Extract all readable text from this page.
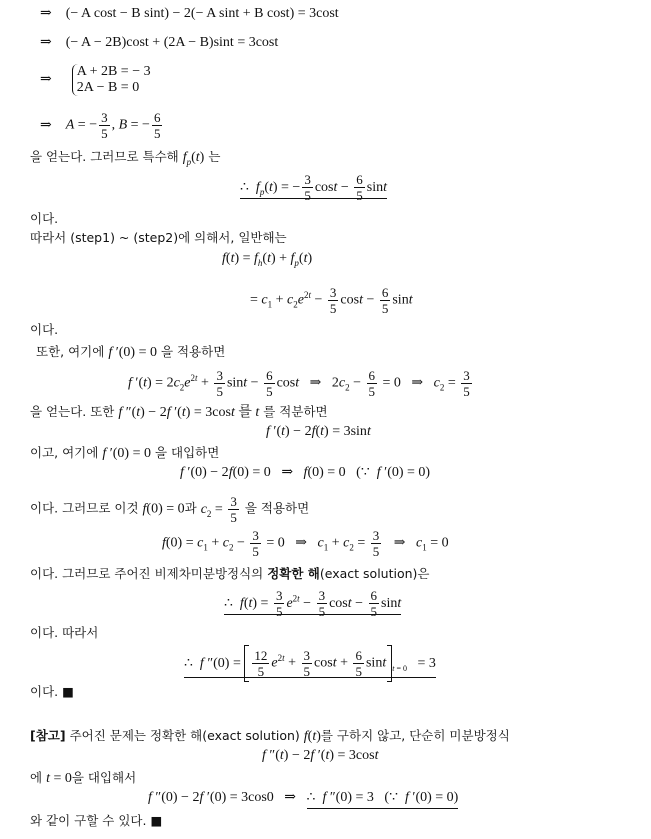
⇒ (− A cost − B sint) − 2(− A sint + B cost) = 3cost
⇒ (− A − 2B)cost + (2A − B)sint = 3cost
⇒
A + 2B = − 3
2A − B = 0
⇒ A = − $\frac{3}{5}$ , B = − $\frac{6}{5}$
을 얻는다. 그러므로 특수해 $f_p(t)$ 는
∴ $f_p(t)$ = − $\frac{3}{5}$ $\cos t - \frac{6}{5}$ sint
이다.
따라서 (step1) ~ (step2)에 의해서, 일반해는
$f(t) = f_h(t) + f_p(t)$
= $c_1 + c_2e^{2t} - \frac{3}{5}$ $\cos t - \frac{6}{5}$ sint
이다.
또한, 여기에 f ′(0) = 0 을 적용하면
f $'(t) = 2c_2e^{2t} + \frac{3}{5}$ $\sin t - \frac{6}{5}$ cost ⇒   $2c_2 - \frac{6}{5} = 0$   ⇒ $c_2 = \frac{3}{5}$
을 얻는다. 또한 f ″(t) − 2f ′(t) = 3cost 를 t 를 적분하면
f ′(t) − 2f(t) = 3sint
이고, 여기에 f ′(0) = 0 을 대입하면
f ′(0) − 2f(0) = 0   ⇒ f(0) = 0   (∵ f ′(0) = 0)
이다. 그러므로 이것 f(0) = 0과 $c_2 = \frac{3}{5}$ 을 적용하면
$f(0) = c_1 + c_2 - \frac{3}{5} = 0$   ⇒ $c_1 + c_2 = \frac{3}{5}$ ⇒ $c_1 = 0$
이다. 그러므로 주어진 비제차미분방정식의 정확한 해(exact solution)은
∴ $f(t) = \frac{3}{5} e^{2t} - \frac{3}{5}$ $\cos t - \frac{6}{5}$ sint
이다. 따라서
∴ f $''(0) = \frac{12}{5} e^{2t} + \frac{3}{5}$ $\cos t + \frac{6}{5}$ sint $_{t = 0}$   = 3
이다. ■
[참고] 주어진 문제는 정확한 해(exact solution) f(t)를 구하지 않고, 단순히 미분방정식
f ″(t) − 2f ′(t) = 3cost
에 t = 0을 대입해서
f ″(0) − 2f ′(0) = 3cos0   ⇒ ∴ f ″(0) = 3   (∵ f ′(0) = 0)
와 같이 구할 수 있다. ■
